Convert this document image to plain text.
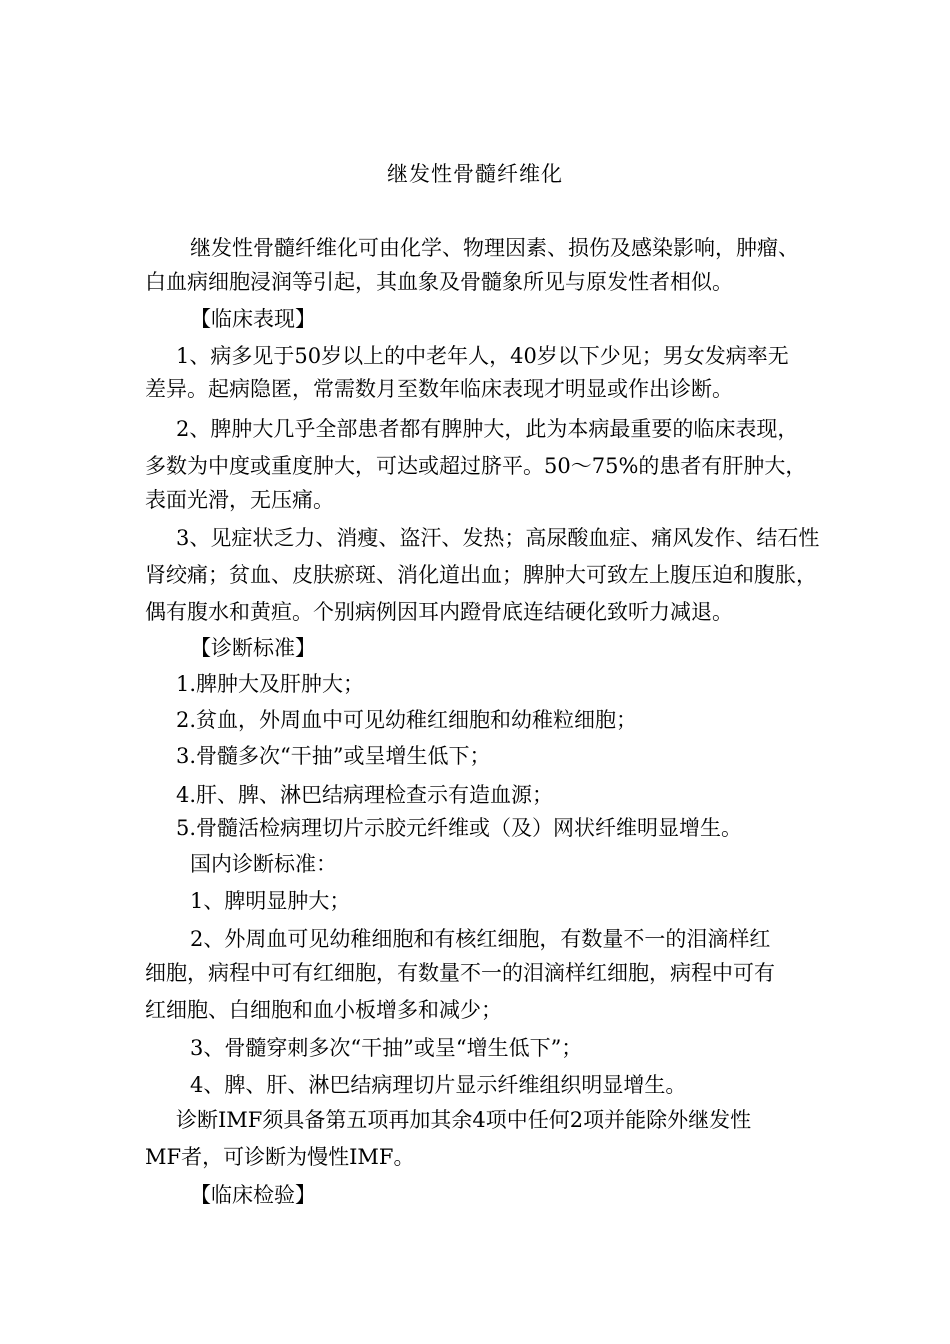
继发性骨髓纤维化
继发性骨髓纤维化可由化学、物理因素、损伤及感染影响，肿瘤、
白血病细胞浸润等引起，其血象及骨髓象所见与原发性者相似。
【临床表现】
1、病多见于50岁以上的中老年人，40岁以下少见；男女发病率无
差异。起病隐匿，常需数月至数年临床表现才明显或作出诊断。
2、脾肿大几乎全部患者都有脾肿大，此为本病最重要的临床表现，
多数为中度或重度肿大，可达或超过脐平。50～75%的患者有肝肿大，
表面光滑，无压痛。
3、见症状乏力、消瘦、盗汗、发热；高尿酸血症、痛风发作、结石性
肾绞痛；贫血、皮肤瘀斑、消化道出血；脾肿大可致左上腹压迫和腹胀，
偶有腹水和黄疸。个别病例因耳内蹬骨底连结硬化致听力减退。
【诊断标准】
1.脾肿大及肝肿大；
2.贫血，外周血中可见幼稚红细胞和幼稚粒细胞；
3.骨髓多次“干抽”或呈增生低下；
4.肝、脾、淋巴结病理检查示有造血源；
5.骨髓活检病理切片示胶元纤维或（及）网状纤维明显增生。
国内诊断标准：
1、脾明显肿大；
2、外周血可见幼稚细胞和有核红细胞，有数量不一的泪滴样红
细胞，病程中可有红细胞，有数量不一的泪滴样红细胞，病程中可有
红细胞、白细胞和血小板增多和减少；
3、骨髓穿刺多次“干抽”或呈“增生低下”；
4、脾、肝、淋巴结病理切片显示纤维组织明显增生。
诊断IMF须具备第五项再加其余4项中任何2项并能除外继发性
MF者，可诊断为慢性IMF。
【临床检验】
